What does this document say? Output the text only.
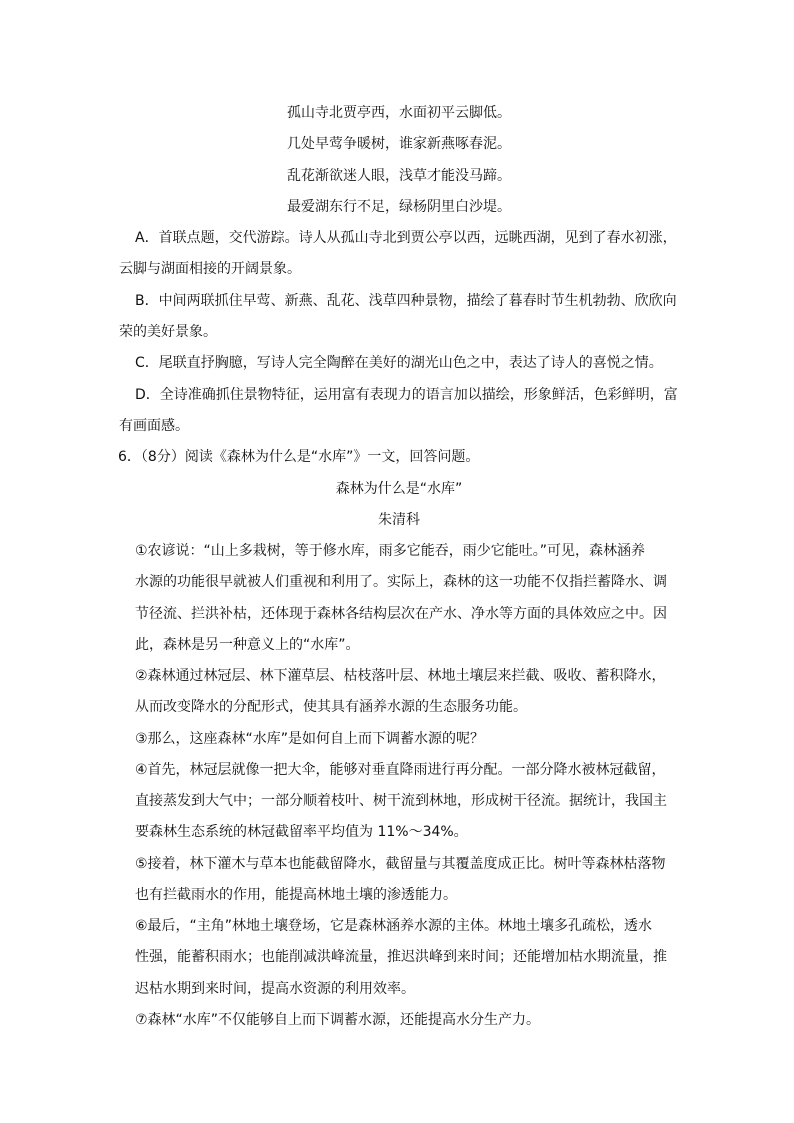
孤山寺北贾亭西，水面初平云脚低。
几处早莺争暖树，谁家新燕啄春泥。
乱花渐欲迷人眼，浅草才能没马蹄。
最爱湖东行不足，绿杨阴里白沙堤。
A．首联点题，交代游踪。诗人从孤山寺北到贾公亭以西，远眺西湖，见到了春水初涨，
云脚与湖面相接的开阔景象。
B．中间两联抓住早莺、新燕、乱花、浅草四种景物，描绘了暮春时节生机勃勃、欣欣向
荣的美好景象。
C．尾联直抒胸臆，写诗人完全陶醉在美好的湖光山色之中，表达了诗人的喜悦之情。
D．全诗准确抓住景物特征，运用富有表现力的语言加以描绘，形象鲜活，色彩鲜明，富
有画面感。
6．（8分）阅读《森林为什么是“水库”》一文，回答问题。
森林为什么是“水库”
朱清科
①农谚说：“山上多栽树，等于修水库，雨多它能吞，雨少它能吐。”可见，森林涵养
水源的功能很早就被人们重视和利用了。实际上，森林的这一功能不仅指拦蓄降水、调
节径流、拦洪补枯，还体现于森林各结构层次在产水、净水等方面的具体效应之中。因
此，森林是另一种意义上的“水库”。
②森林通过林冠层、林下灌草层、枯枝落叶层、林地土壤层来拦截、吸收、蓄积降水，
从而改变降水的分配形式，使其具有涵养水源的生态服务功能。
③那么，这座森林“水库”是如何自上而下调蓄水源的呢？
④首先，林冠层就像一把大伞，能够对垂直降雨进行再分配。一部分降水被林冠截留，
直接蒸发到大气中；一部分顺着枝叶、树干流到林地，形成树干径流。据统计，我国主
要森林生态系统的林冠截留率平均值为 11%～34%。
⑤接着，林下灌木与草本也能截留降水，截留量与其覆盖度成正比。树叶等森林枯落物
也有拦截雨水的作用，能提高林地土壤的渗透能力。
⑥最后，“主角”林地土壤登场，它是森林涵养水源的主体。林地土壤多孔疏松，透水
性强，能蓄积雨水；也能削减洪峰流量，推迟洪峰到来时间；还能增加枯水期流量，推
迟枯水期到来时间，提高水资源的利用效率。
⑦森林“水库”不仅能够自上而下调蓄水源，还能提高水分生产力。
